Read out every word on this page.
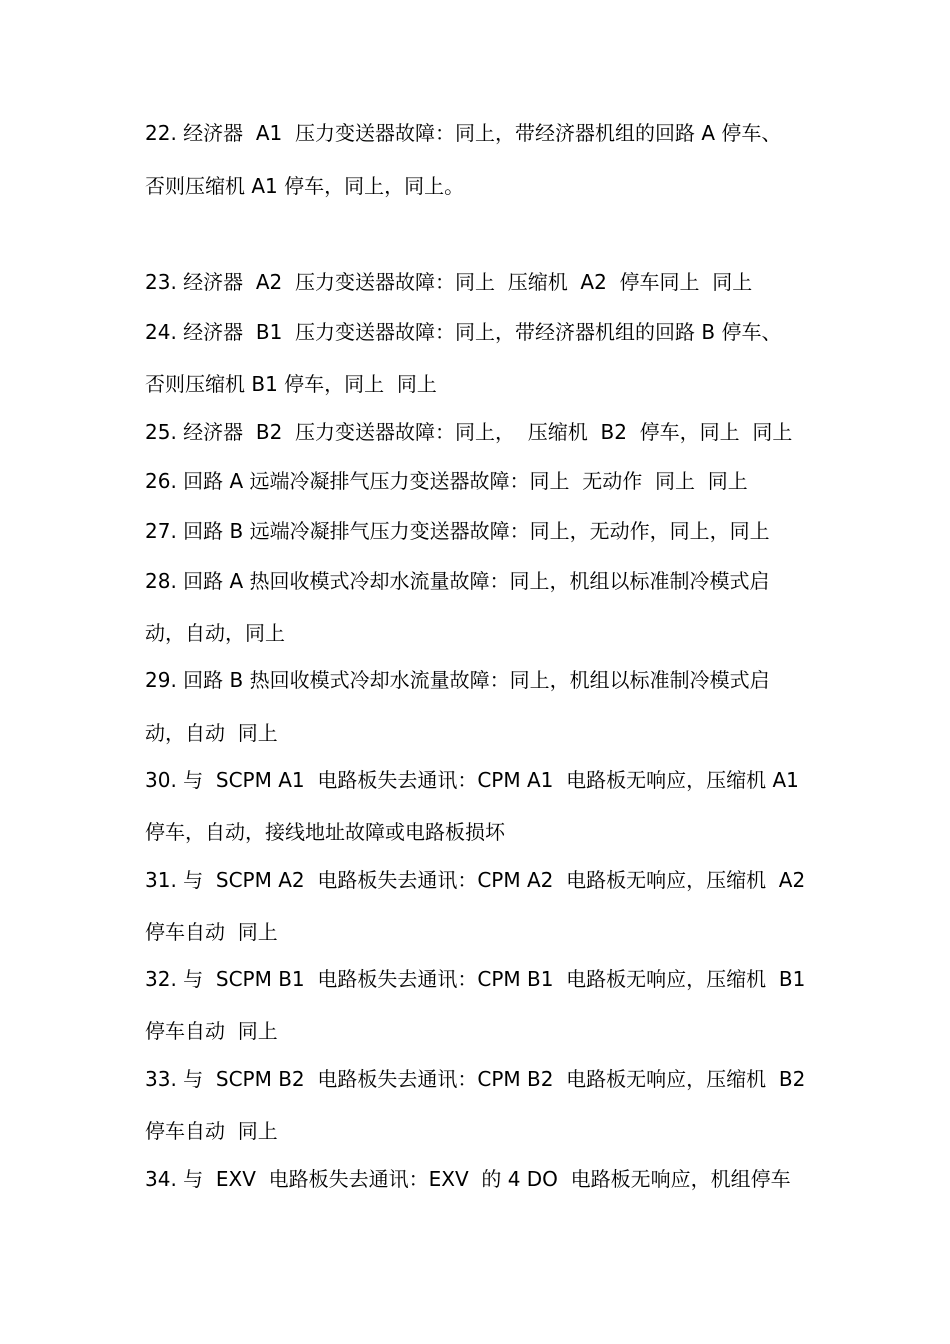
22. 经济器  A1  压力变送器故障：同上，带经济器机组的回路 A 停车、
否则压缩机 A1 停车，同上，同上。
23. 经济器  A2  压力变送器故障：同上  压缩机  A2  停车同上  同上
24. 经济器  B1  压力变送器故障：同上，带经济器机组的回路 B 停车、
否则压缩机 B1 停车，同上  同上
25. 经济器  B2  压力变送器故障：同上，  压缩机  B2  停车，同上  同上
26. 回路 A 远端冷凝排气压力变送器故障：同上  无动作  同上  同上
27. 回路 B 远端冷凝排气压力变送器故障：同上，无动作，同上，同上
28. 回路 A 热回收模式冷却水流量故障：同上，机组以标准制冷模式启
动，自动，同上
29. 回路 B 热回收模式冷却水流量故障：同上，机组以标准制冷模式启
动，自动  同上
30. 与  SCPM A1  电路板失去通讯：CPM A1  电路板无响应，压缩机 A1
停车，自动，接线地址故障或电路板损坏
31. 与  SCPM A2  电路板失去通讯：CPM A2  电路板无响应，压缩机  A2
停车自动  同上
32. 与  SCPM B1  电路板失去通讯：CPM B1  电路板无响应，压缩机  B1
停车自动  同上
33. 与  SCPM B2  电路板失去通讯：CPM B2  电路板无响应，压缩机  B2
停车自动  同上
34. 与  EXV  电路板失去通讯：EXV  的 4 DO  电路板无响应，机组停车
